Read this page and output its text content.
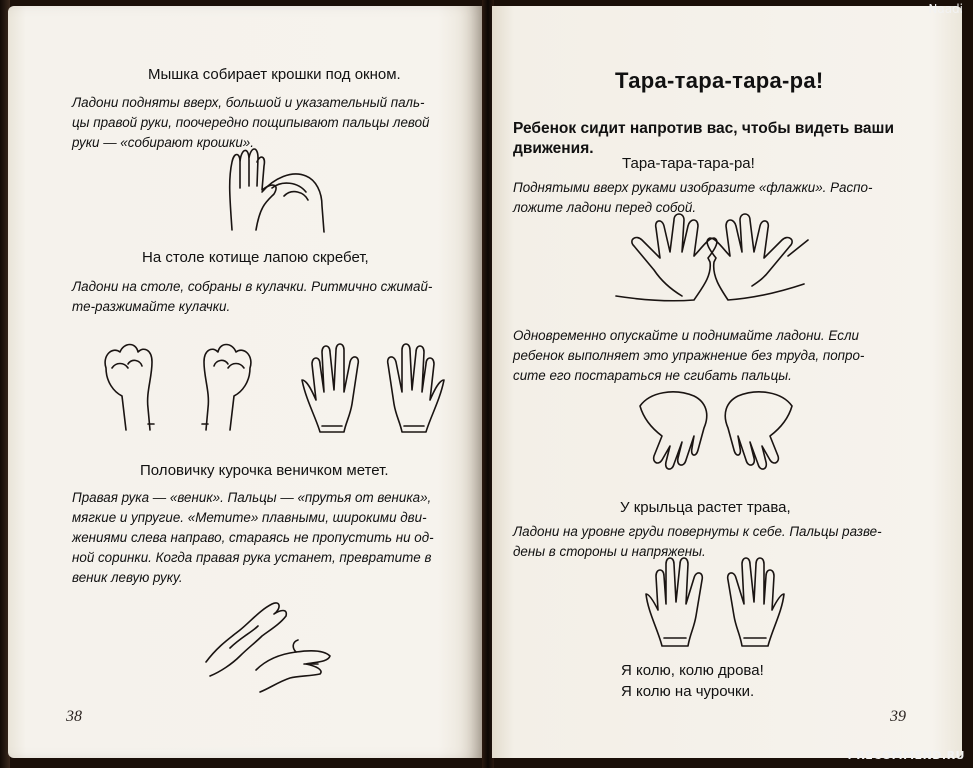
Мышка собирает крошки под окном.
Ладони подняты вверх, большой и указательный паль-
цы правой руки, поочередно пощипывают пальцы левой
руки — «собирают крошки».
На столе котище лапою скребет,
Ладони на столе, собраны в кулачки. Ритмично сжимай-
те-разжимайте кулачки.
Половичку курочка веничком метет.
Правая рука — «веник». Пальцы — «прутья от веника»,
мягкие и упругие. «Метите» плавными, широкими дви-
жениями слева направо, стараясь не пропустить ни од-
ной соринки. Когда правая рука устанет, превратите в
веник левую руку.
38
Тара-тара-тара-ра!
Ребенок сидит напротив вас, чтобы видеть ваши
движения.
Тара-тара-тара-ра!
Поднятыми вверх руками изобразите «флажки». Распо-
ложите ладони перед собой.
Одновременно опускайте и поднимайте ладони. Если
ребенок выполняет это упражнение без труда, попро-
сите его постараться не сгибать пальцы.
У крыльца растет трава,
Ладони на уровне груди повернуты к себе. Пальцы разве-
дены в стороны и напряжены.
Я колю, колю дрова!
Я колю на чурочки.
39
Naadi
i RECOMMEND.RU
